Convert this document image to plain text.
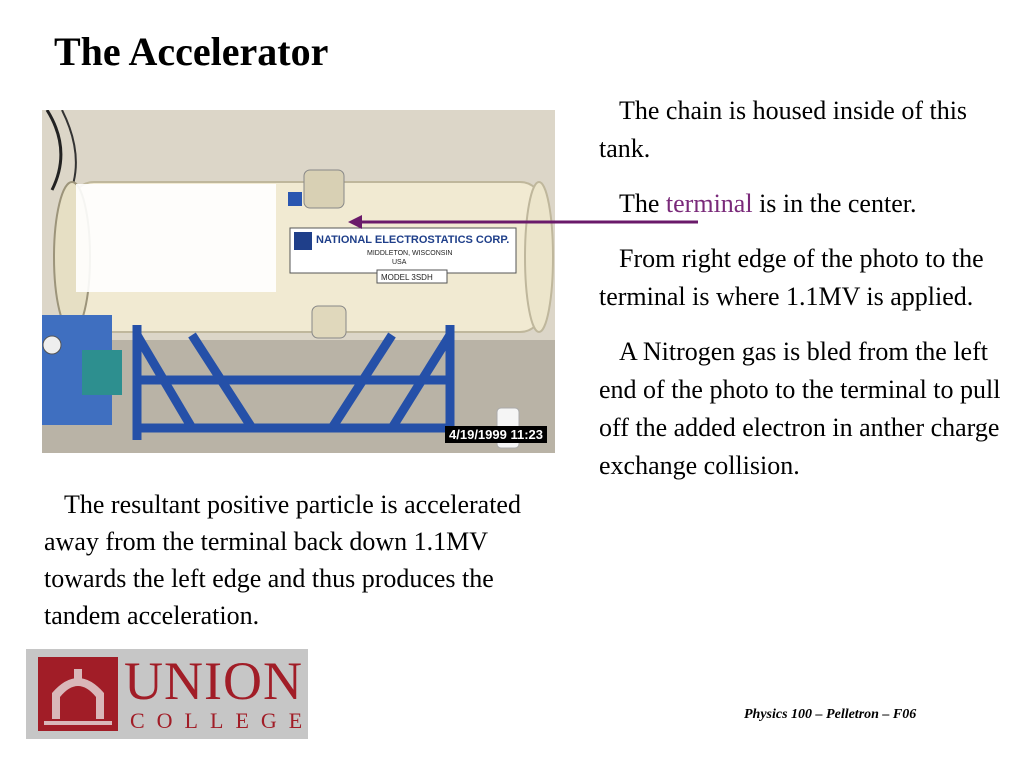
The Accelerator
NATIONAL ELECTROSTATICS CORP.
MIDDLETON, WISCONSIN
USA
MODEL 3SDH
4/19/1999 11:23

The chain is housed inside of this tank.

The terminal is in the center.

From right edge of the photo to the terminal is where 1.1MV is applied.

A Nitrogen gas is bled from the left end of the photo to the terminal to pull off the added electron in anther charge exchange collision.

The resultant positive particle is accelerated away from the terminal back down 1.1MV towards the left edge and thus produces the tandem acceleration.

UNION
COLLEGE	Physics 100 – Pelletron – F06
